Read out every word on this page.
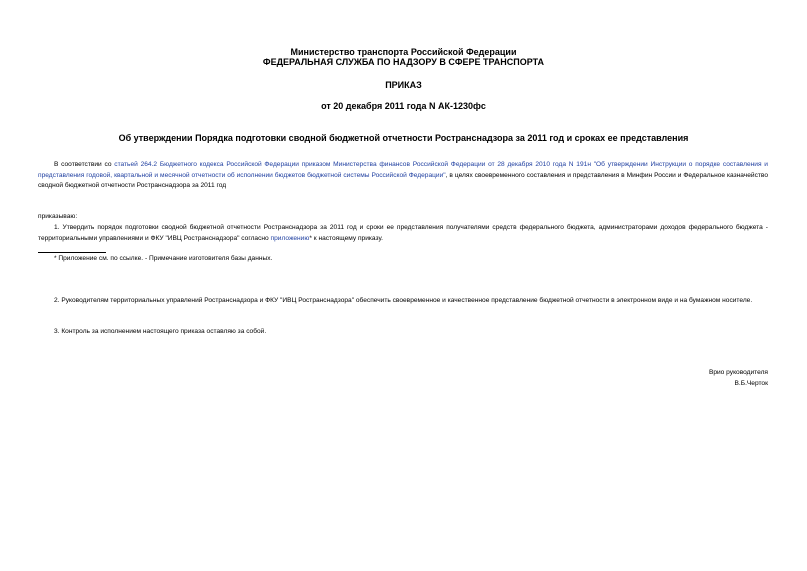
Министерство транспорта Российской Федерации
ФЕДЕРАЛЬНАЯ СЛУЖБА ПО НАДЗОРУ В СФЕРЕ ТРАНСПОРТА
ПРИКАЗ
от 20 декабря 2011 года N АК-1230фс
Об утверждении Порядка подготовки сводной бюджетной отчетности Ространснадзора за 2011 год и сроках ее представления
В соответствии со статьей 264.2 Бюджетного кодекса Российской Федерации приказом Министерства финансов Российской Федерации от 28 декабря 2010 года N 191н "Об утверждении Инструкции о порядке составления и представления годовой, квартальной и месячной отчетности об исполнении бюджетов бюджетной системы Российской Федерации", в целях своевременного составления и представления в Минфин России и Федеральное казначейство сводной бюджетной отчетности Ространснадзора за 2011 год
приказываю:
1. Утвердить порядок подготовки сводной бюджетной отчетности Ространснадзора за 2011 год и сроки ее представления получателями средств федерального бюджета, администраторами доходов федерального бюджета - территориальными управлениями и ФКУ "ИВЦ Ространснадзора" согласно приложению* к настоящему приказу.
* Приложение см. по ссылке. - Примечание изготовителя базы данных.
2. Руководителям территориальных управлений Ространснадзора и ФКУ "ИВЦ Ространснадзора" обеспечить своевременное и качественное представление бюджетной отчетности в электронном виде и на бумажном носителе.
3. Контроль за исполнением настоящего приказа оставляю за собой.
Врио руководителя
В.Б.Черток
